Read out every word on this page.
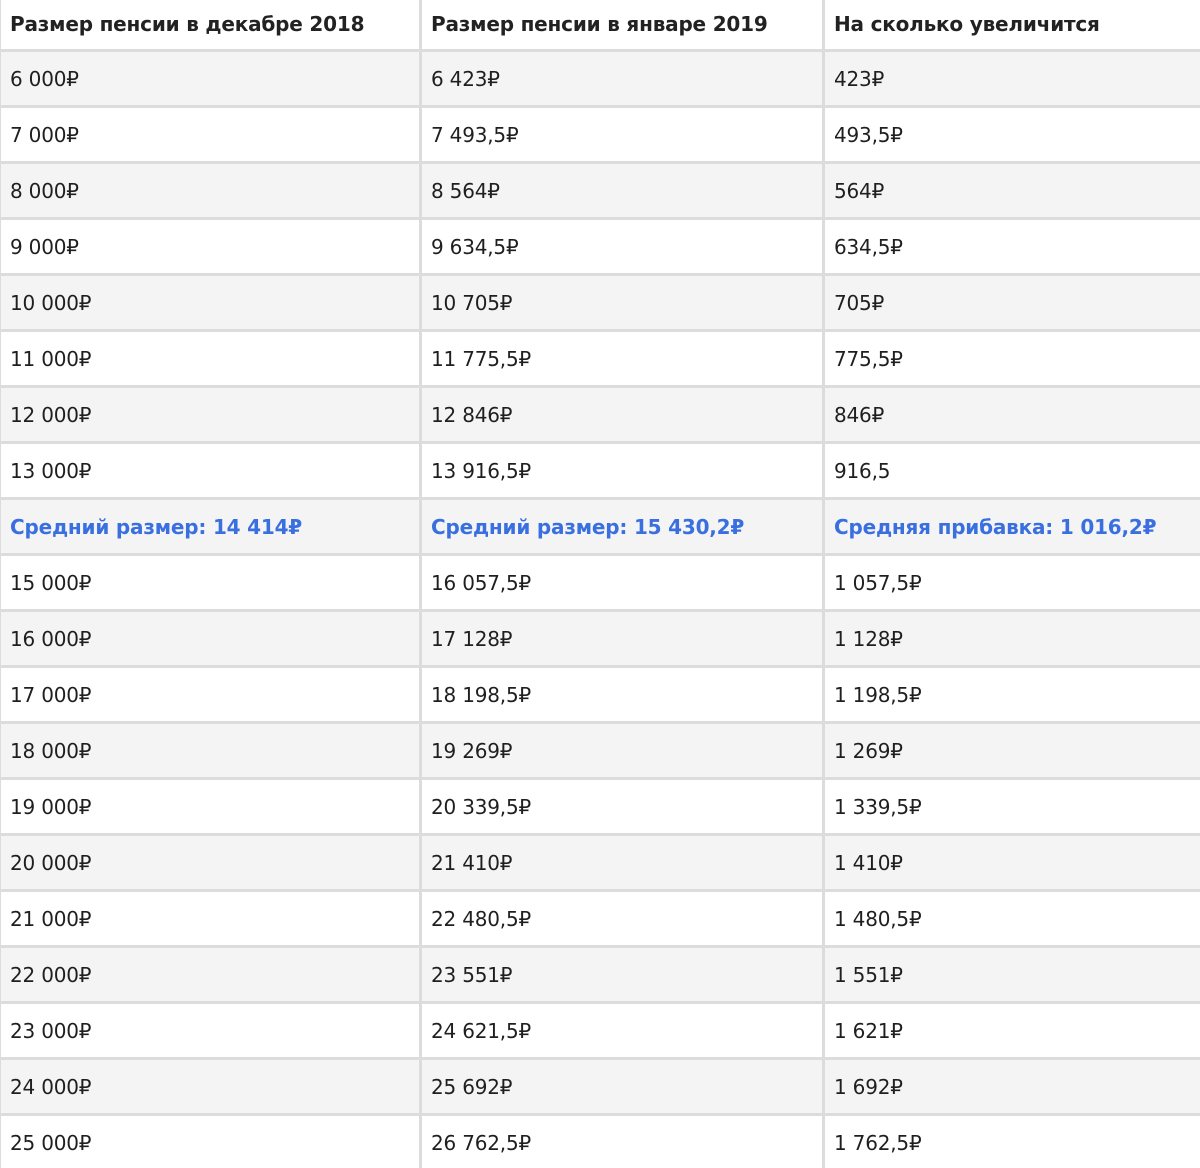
Размер пенсии в декабре 2018	Размер пенсии в январе 2019	На сколько увеличится
6 000₽	6 423₽	423₽
7 000₽	7 493,5₽	493,5₽
8 000₽	8 564₽	564₽
9 000₽	9 634,5₽	634,5₽
10 000₽	10 705₽	705₽
11 000₽	11 775,5₽	775,5₽
12 000₽	12 846₽	846₽
13 000₽	13 916,5₽	916,5
Средний размер: 14 414₽	Средний размер: 15 430,2₽	Средняя прибавка: 1 016,2₽
15 000₽	16 057,5₽	1 057,5₽
16 000₽	17 128₽	1 128₽
17 000₽	18 198,5₽	1 198,5₽
18 000₽	19 269₽	1 269₽
19 000₽	20 339,5₽	1 339,5₽
20 000₽	21 410₽	1 410₽
21 000₽	22 480,5₽	1 480,5₽
22 000₽	23 551₽	1 551₽
23 000₽	24 621,5₽	1 621₽
24 000₽	25 692₽	1 692₽
25 000₽	26 762,5₽	1 762,5₽
